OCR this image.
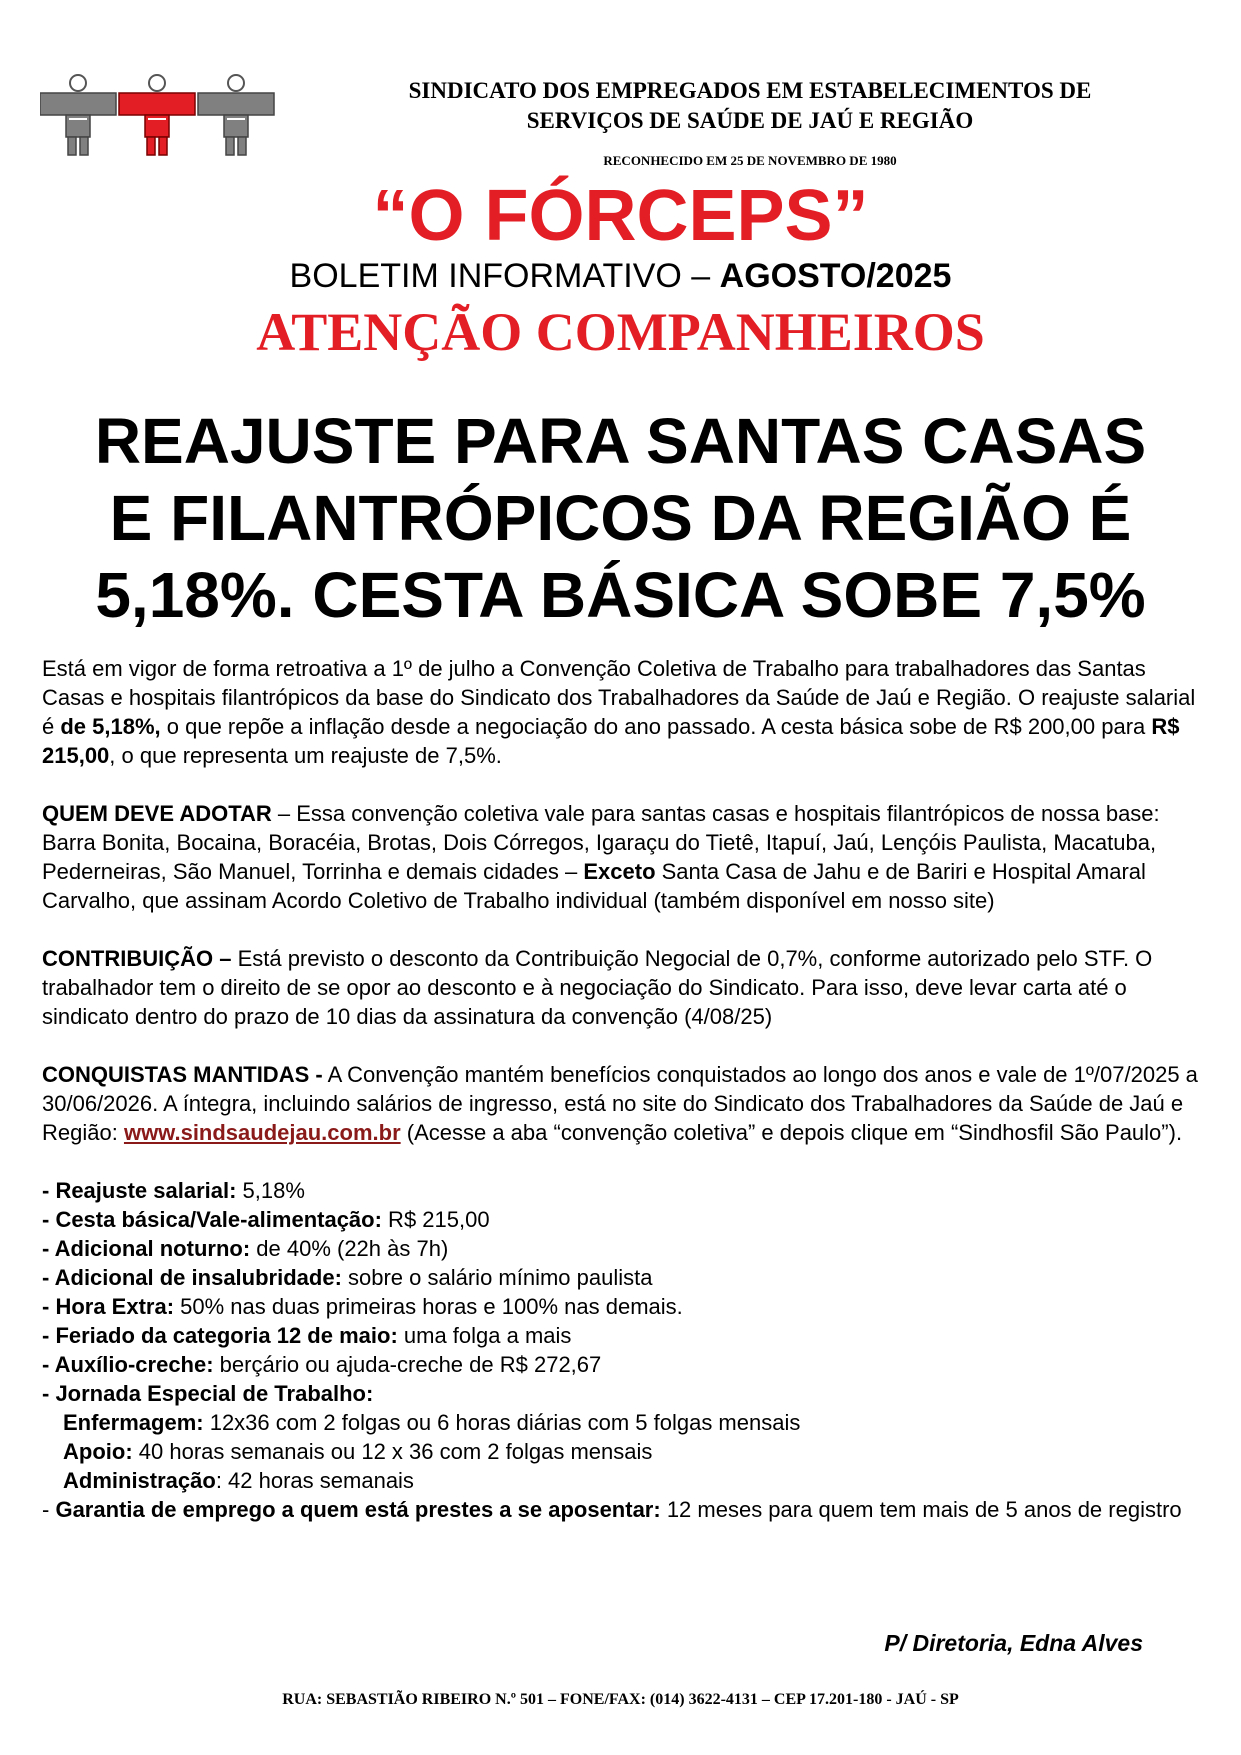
SINDICATO DOS EMPREGADOS EM ESTABELECIMENTOS DE
SERVIÇOS DE SAÚDE DE JAÚ E REGIÃO
RECONHECIDO EM 25 DE NOVEMBRO DE 1980
“O FÓRCEPS”
BOLETIM INFORMATIVO – AGOSTO/2025
ATENÇÃO COMPANHEIROS
REAJUSTE PARA SANTAS CASAS
E FILANTRÓPICOS DA REGIÃO É
5,18%. CESTA BÁSICA SOBE 7,5%

Está em vigor de forma retroativa a 1º de julho a Convenção Coletiva de Trabalho para trabalhadores das Santas Casas e hospitais filantrópicos da base do Sindicato dos Trabalhadores da Saúde de Jaú e Região. O reajuste salarial é de 5,18%, o que repõe a inflação desde a negociação do ano passado. A cesta básica sobe de R$ 200,00 para R$ 215,00, o que representa um reajuste de 7,5%.

QUEM DEVE ADOTAR – Essa convenção coletiva vale para santas casas e hospitais filantrópicos de nossa base: Barra Bonita, Bocaina, Boracéia, Brotas, Dois Córregos, Igaraçu do Tietê, Itapuí, Jaú, Lençóis Paulista, Macatuba, Pederneiras, São Manuel, Torrinha e demais cidades – Exceto Santa Casa de Jahu e de Bariri e Hospital Amaral Carvalho, que assinam Acordo Coletivo de Trabalho individual (também disponível em nosso site)

CONTRIBUIÇÃO – Está previsto o desconto da Contribuição Negocial de 0,7%, conforme autorizado pelo STF. O trabalhador tem o direito de se opor ao desconto e à negociação do Sindicato. Para isso, deve levar carta até o sindicato dentro do prazo de 10 dias da assinatura da convenção (4/08/25)

CONQUISTAS MANTIDAS - A Convenção mantém benefícios conquistados ao longo dos anos e vale de 1º/07/2025 a 30/06/2026. A íntegra, incluindo salários de ingresso, está no site do Sindicato dos Trabalhadores da Saúde de Jaú e Região: www.sindsaudejau.com.br (Acesse a aba “convenção coletiva” e depois clique em “Sindhosfil São Paulo”).

- Reajuste salarial: 5,18%

- Cesta básica/Vale-alimentação: R$ 215,00

- Adicional noturno: de 40% (22h às 7h)

- Adicional de insalubridade: sobre o salário mínimo paulista

- Hora Extra: 50% nas duas primeiras horas e 100% nas demais.

- Feriado da categoria 12 de maio: uma folga a mais

- Auxílio-creche: berçário ou ajuda-creche de R$ 272,67

- Jornada Especial de Trabalho:

Enfermagem: 12x36 com 2 folgas ou 6 horas diárias com 5 folgas mensais

Apoio: 40 horas semanais ou 12 x 36 com 2 folgas mensais

Administração: 42 horas semanais

- Garantia de emprego a quem está prestes a se aposentar: 12 meses para quem tem mais de 5 anos de registro

P/ Diretoria, Edna Alves
RUA: SEBASTIÃO RIBEIRO N.º 501 – FONE/FAX: (014) 3622-4131 – CEP 17.201-180 - JAÚ - SP
